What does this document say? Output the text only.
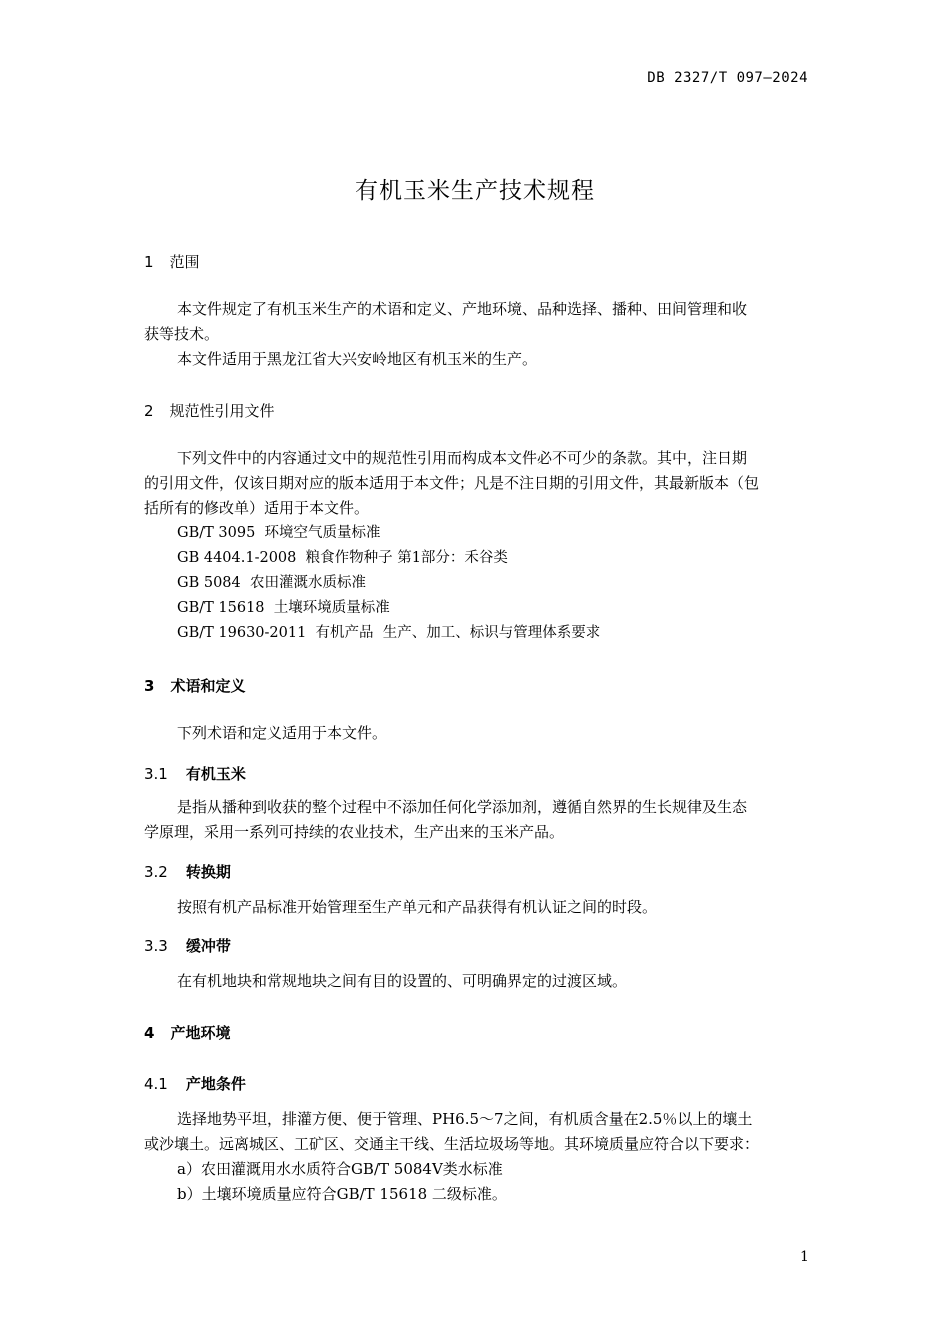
DB 2327/T 097—2024
有机玉米生产技术规程
1 范围
本文件规定了有机玉米生产的术语和定义、产地环境、品种选择、播种、田间管理和收
获等技术。
本文件适用于黑龙江省大兴安岭地区有机玉米的生产。
2 规范性引用文件
下列文件中的内容通过文中的规范性引用而构成本文件必不可少的条款。其中，注日期
的引用文件，仅该日期对应的版本适用于本文件；凡是不注日期的引用文件，其最新版本（包
括所有的修改单）适用于本文件。
GB/T 3095  环境空气质量标准
GB 4404.1-2008  粮食作物种子 第1部分：禾谷类
GB 5084  农田灌溉水质标准
GB/T 15618  土壤环境质量标准
GB/T 19630-2011  有机产品  生产、加工、标识与管理体系要求
3 术语和定义
下列术语和定义适用于本文件。
3.1 有机玉米
是指从播种到收获的整个过程中不添加任何化学添加剂，遵循自然界的生长规律及生态
学原理，采用一系列可持续的农业技术，生产出来的玉米产品。
3.2 转换期
按照有机产品标准开始管理至生产单元和产品获得有机认证之间的时段。
3.3 缓冲带
在有机地块和常规地块之间有目的设置的、可明确界定的过渡区域。
4 产地环境
4.1 产地条件
选择地势平坦，排灌方便、便于管理、PH6.5～7之间，有机质含量在2.5％以上的壤土
或沙壤土。远离城区、工矿区、交通主干线、生活垃圾场等地。其环境质量应符合以下要求：
a）农田灌溉用水水质符合GB/T 5084V类水标准
b）土壤环境质量应符合GB/T 15618 二级标准。
1
